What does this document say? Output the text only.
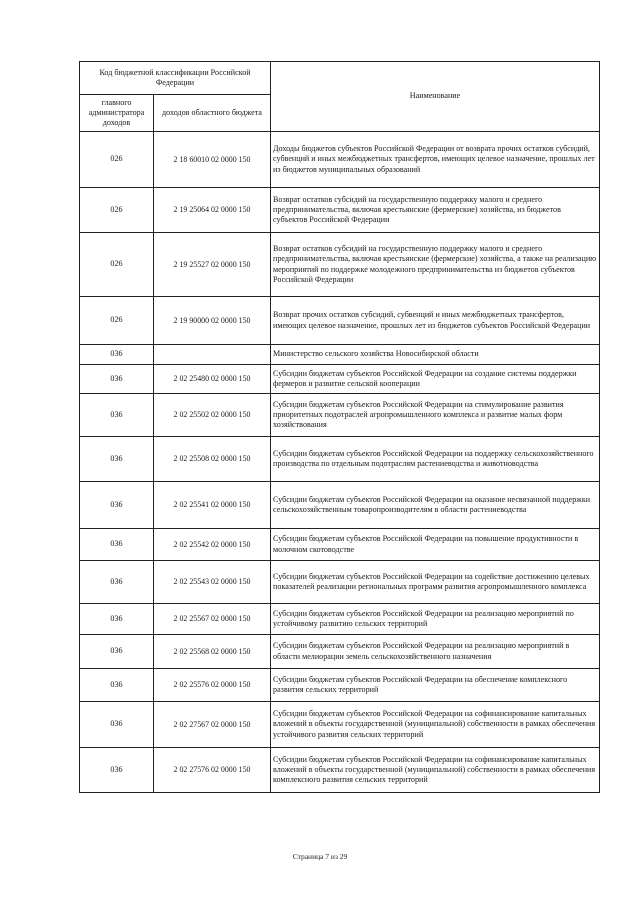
Код бюджетной классификации Российской Федерации		Наименование
главного администратора доходов	доходов областного бюджета	
026	2 18 60010 02 0000 150	Доходы бюджетов субъектов Российской Федерации от возврата прочих остатков субсидий, субвенций и иных межбюджетных трансфертов, имеющих целевое назначение, прошлых лет из бюджетов муниципальных образований
026	2 19 25064 02 0000 150	Возврат остатков субсидий на государственную поддержку малого и среднего предпринимательства, включая крестьянские (фермерские) хозяйства, из бюджетов субъектов Российской Федерации
026	2 19 25527 02 0000 150	Возврат остатков субсидий на государственную поддержку малого и среднего предпринимательства, включая крестьянские (фермерские) хозяйства, а также на реализацию мероприятий по поддержке молодежного предпринимательства из бюджетов субъектов Российской Федерации
026	2 19 90000 02 0000 150	Возврат прочих остатков субсидий, субвенций и иных межбюджетных трансфертов, имеющих целевое назначение, прошлых лет из бюджетов субъектов Российской Федерации
036		Министерство сельского хозяйства Новосибирской области
036	2 02 25480 02 0000 150	Субсидии бюджетам субъектов Российской Федерации на создание системы поддержки фермеров и развитие сельской кооперации
036	2 02 25502 02 0000 150	Субсидии бюджетам субъектов Российской Федерации на стимулирование развития приоритетных подотраслей агропромышленного комплекса и развитие малых форм хозяйствования
036	2 02 25508 02 0000 150	Субсидии бюджетам субъектов Российской Федерации на поддержку сельскохозяйственного производства по отдельным подотраслям растениеводства и животноводства
036	2 02 25541 02 0000 150	Субсидии бюджетам субъектов Российской Федерации на оказание несвязанной поддержки сельскохозяйственным товаропроизводителям в области растениеводства
036	2 02 25542 02 0000 150	Субсидии бюджетам субъектов Российской Федерации на повышение продуктивности в молочном скотоводстве
036	2 02 25543 02 0000 150	Субсидии бюджетам субъектов Российской Федерации на содействие достижению целевых показателей реализации региональных программ развития агропромышленного комплекса
036	2 02 25567 02 0000 150	Субсидии бюджетам субъектов Российской Федерации на реализацию мероприятий по устойчивому развитию сельских территорий
036	2 02 25568 02 0000 150	Субсидии бюджетам субъектов Российской Федерации на реализацию мероприятий в области мелиорации земель сельскохозяйственного назначения
036	2 02 25576 02 0000 150	Субсидии бюджетам субъектов Российской Федерации на обеспечение комплексного развития сельских территорий
036	2 02 27567 02 0000 150	Субсидии бюджетам субъектов Российской Федерации на софинансирование капитальных вложений в объекты государственной (муниципальной) собственности в рамках обеспечения устойчивого развития сельских территорий
036	2 02 27576 02 0000 150	Субсидии бюджетам субъектов Российской Федерации на софинансирование капитальных вложений в объекты государственной (муниципальной) собственности в рамках обеспечения комплексного развития сельских территорий
Страница 7 из 29
